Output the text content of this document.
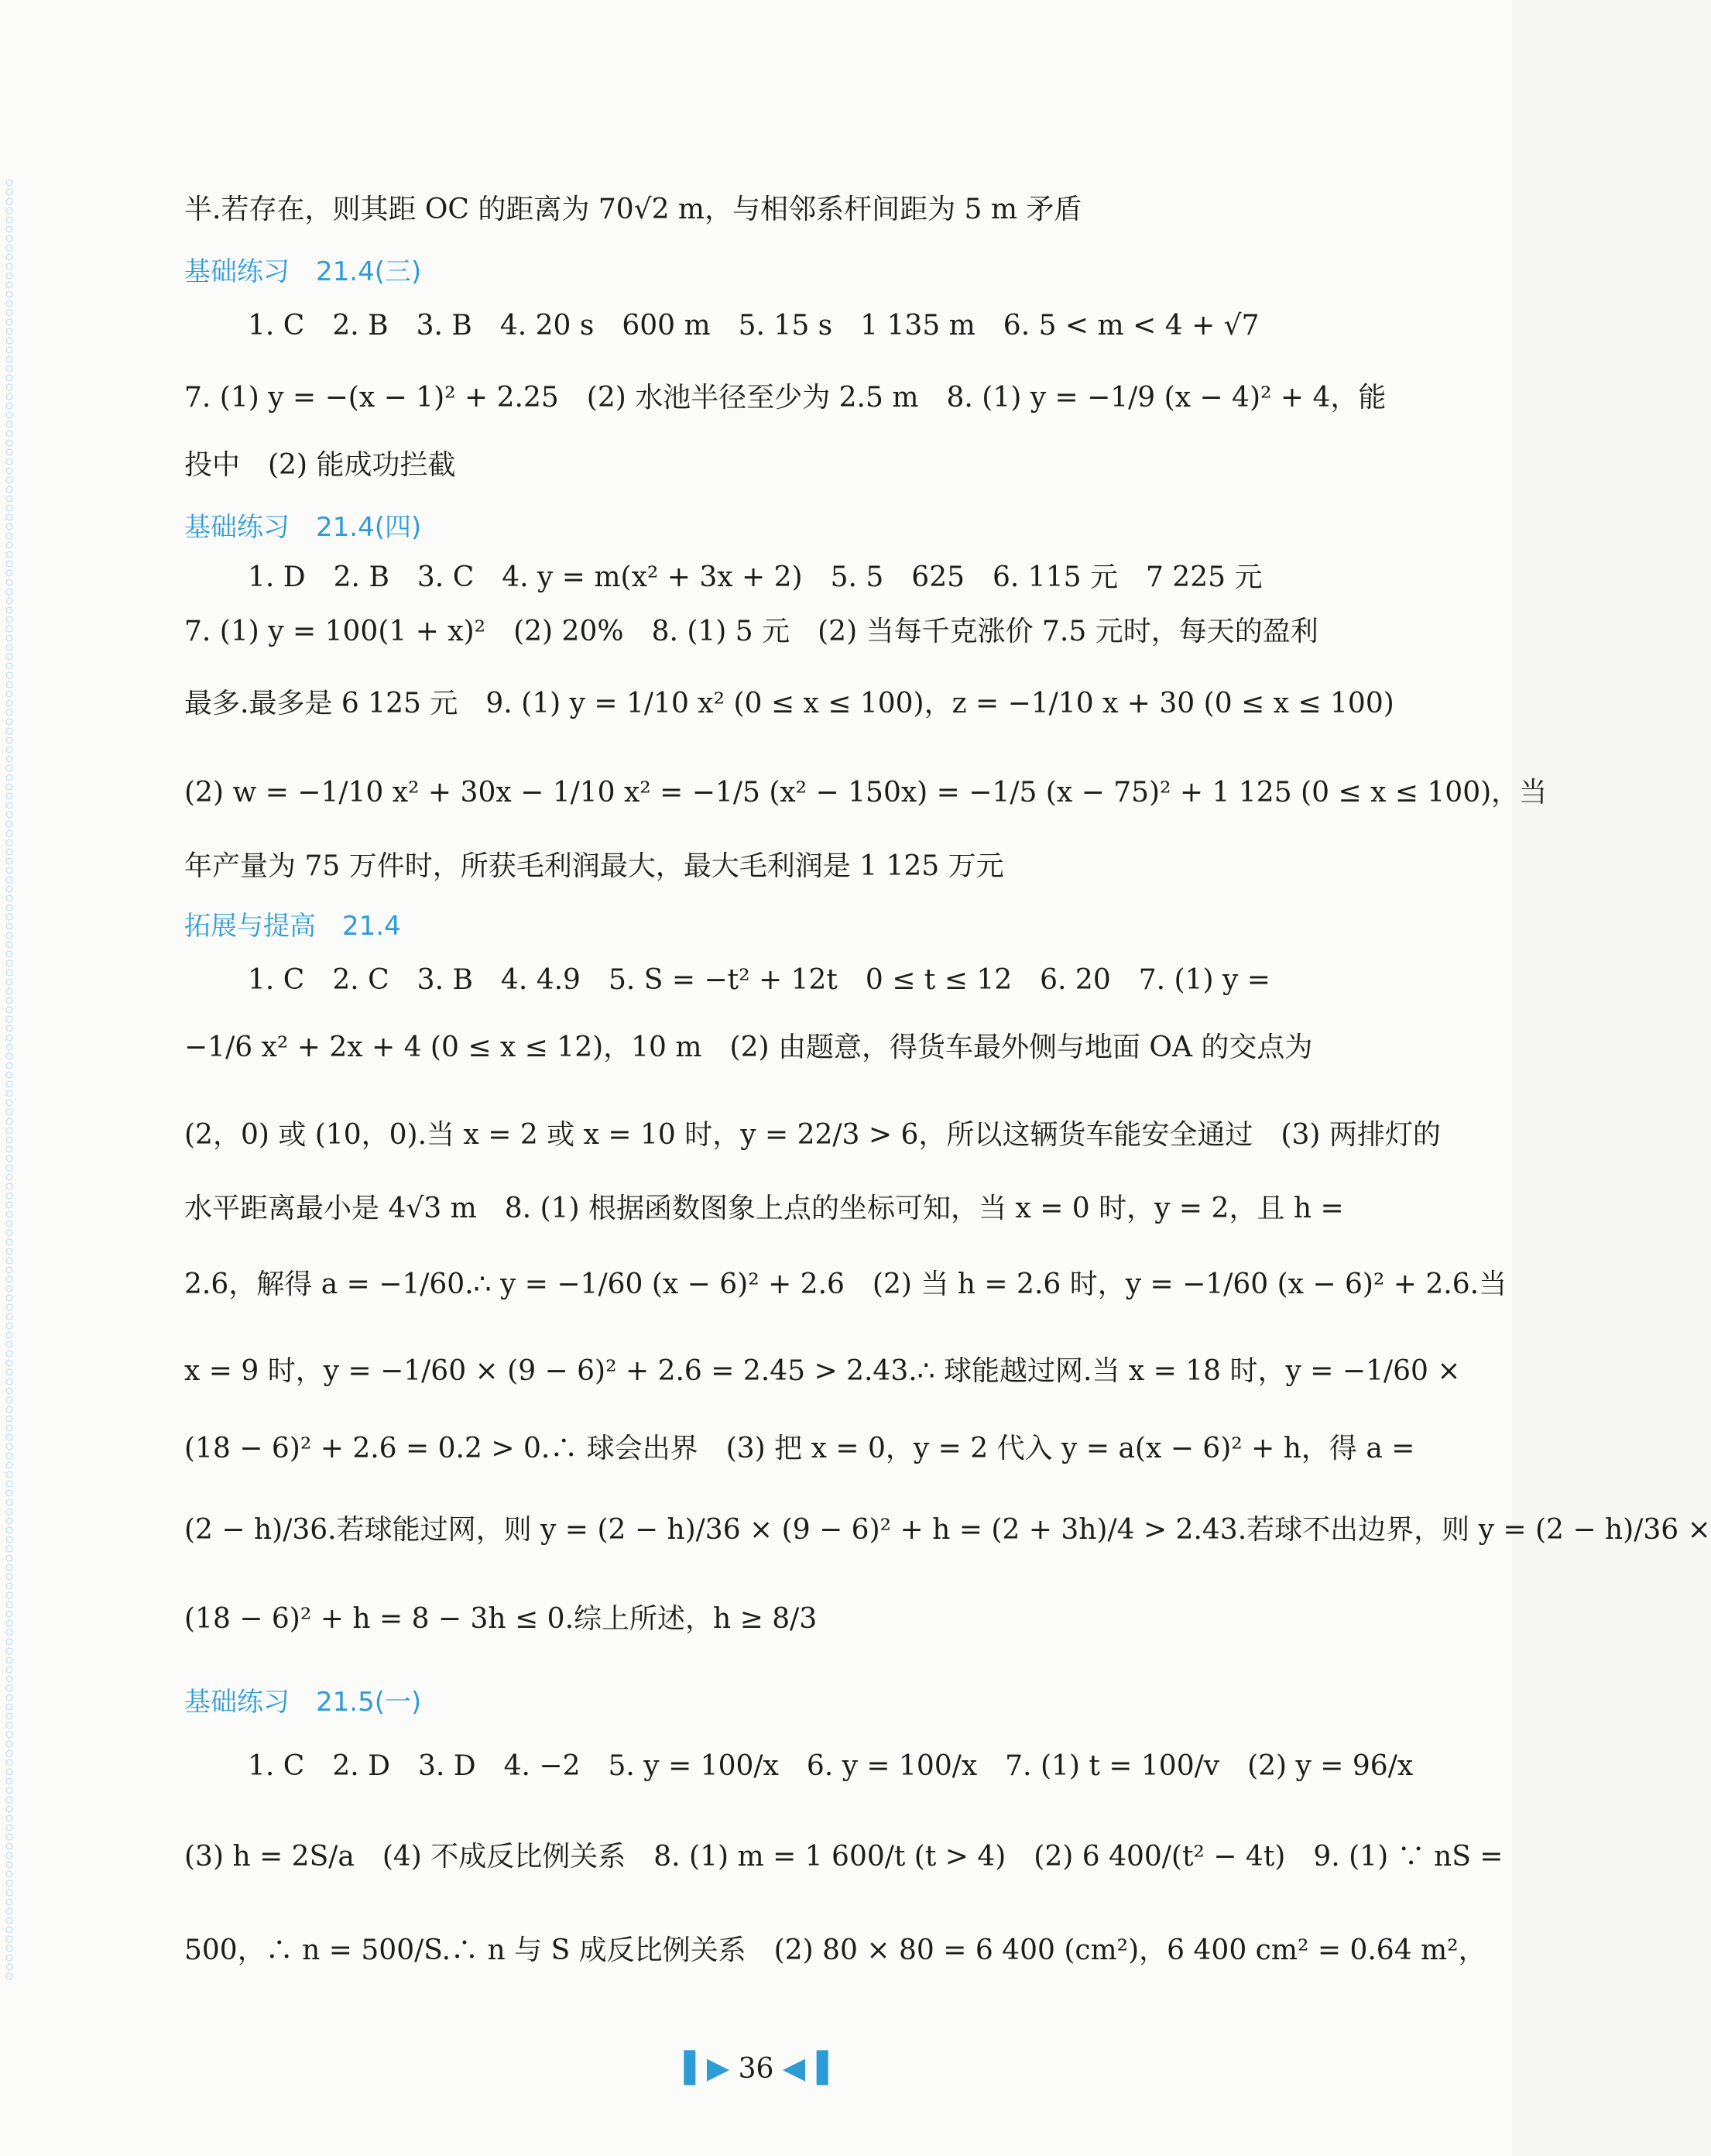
半.若存在，则其距 OC 的距离为 70√2 m，与相邻系杆间距为 5 m 矛盾
基础练习　21.4(三)
1. C　2. B　3. B　4. 20 s　600 m　5. 15 s　1 135 m　6. 5 < m < 4 + √7
7. (1) y = −(x − 1)² + 2.25　(2) 水池半径至少为 2.5 m　8. (1) y = −1/9 (x − 4)² + 4，能
投中　(2) 能成功拦截
基础练习　21.4(四)
1. D　2. B　3. C　4. y = m(x² + 3x + 2)　5. 5　625　6. 115 元　7 225 元
7. (1) y = 100(1 + x)²　(2) 20%　8. (1) 5 元　(2) 当每千克涨价 7.5 元时，每天的盈利
最多.最多是 6 125 元　9. (1) y = 1/10 x² (0 ≤ x ≤ 100)，z = −1/10 x + 30 (0 ≤ x ≤ 100)
(2) w = −1/10 x² + 30x − 1/10 x² = −1/5 (x² − 150x) = −1/5 (x − 75)² + 1 125 (0 ≤ x ≤ 100)，当
年产量为 75 万件时，所获毛利润最大，最大毛利润是 1 125 万元
拓展与提高　21.4
1. C　2. C　3. B　4. 4.9　5. S = −t² + 12t　0 ≤ t ≤ 12　6. 20　7. (1) y =
−1/6 x² + 2x + 4 (0 ≤ x ≤ 12)，10 m　(2) 由题意，得货车最外侧与地面 OA 的交点为
(2，0) 或 (10，0).当 x = 2 或 x = 10 时，y = 22/3 > 6，所以这辆货车能安全通过　(3) 两排灯的
水平距离最小是 4√3 m　8. (1) 根据函数图象上点的坐标可知，当 x = 0 时，y = 2，且 h =
2.6，解得 a = −1/60.∴ y = −1/60 (x − 6)² + 2.6　(2) 当 h = 2.6 时，y = −1/60 (x − 6)² + 2.6.当
x = 9 时，y = −1/60 × (9 − 6)² + 2.6 = 2.45 > 2.43.∴ 球能越过网.当 x = 18 时，y = −1/60 ×
(18 − 6)² + 2.6 = 0.2 > 0.∴ 球会出界　(3) 把 x = 0，y = 2 代入 y = a(x − 6)² + h，得 a =
(2 − h)/36.若球能过网，则 y = (2 − h)/36 × (9 − 6)² + h = (2 + 3h)/4 > 2.43.若球不出边界，则 y = (2 − h)/36 ×
(18 − 6)² + h = 8 − 3h ≤ 0.综上所述，h ≥ 8/3
基础练习　21.5(一)
1. C　2. D　3. D　4. −2　5. y = 100/x　6. y = 100/x　7. (1) t = 100/v　(2) y = 96/x
(3) h = 2S/a　(4) 不成反比例关系　8. (1) m = 1 600/t (t > 4)　(2) 6 400/(t² − 4t)　9. (1) ∵ nS =
500，∴ n = 500/S.∴ n 与 S 成反比例关系　(2) 80 × 80 = 6 400 (cm²)，6 400 cm² = 0.64 m²，
▌▶ 36 ◀▐
